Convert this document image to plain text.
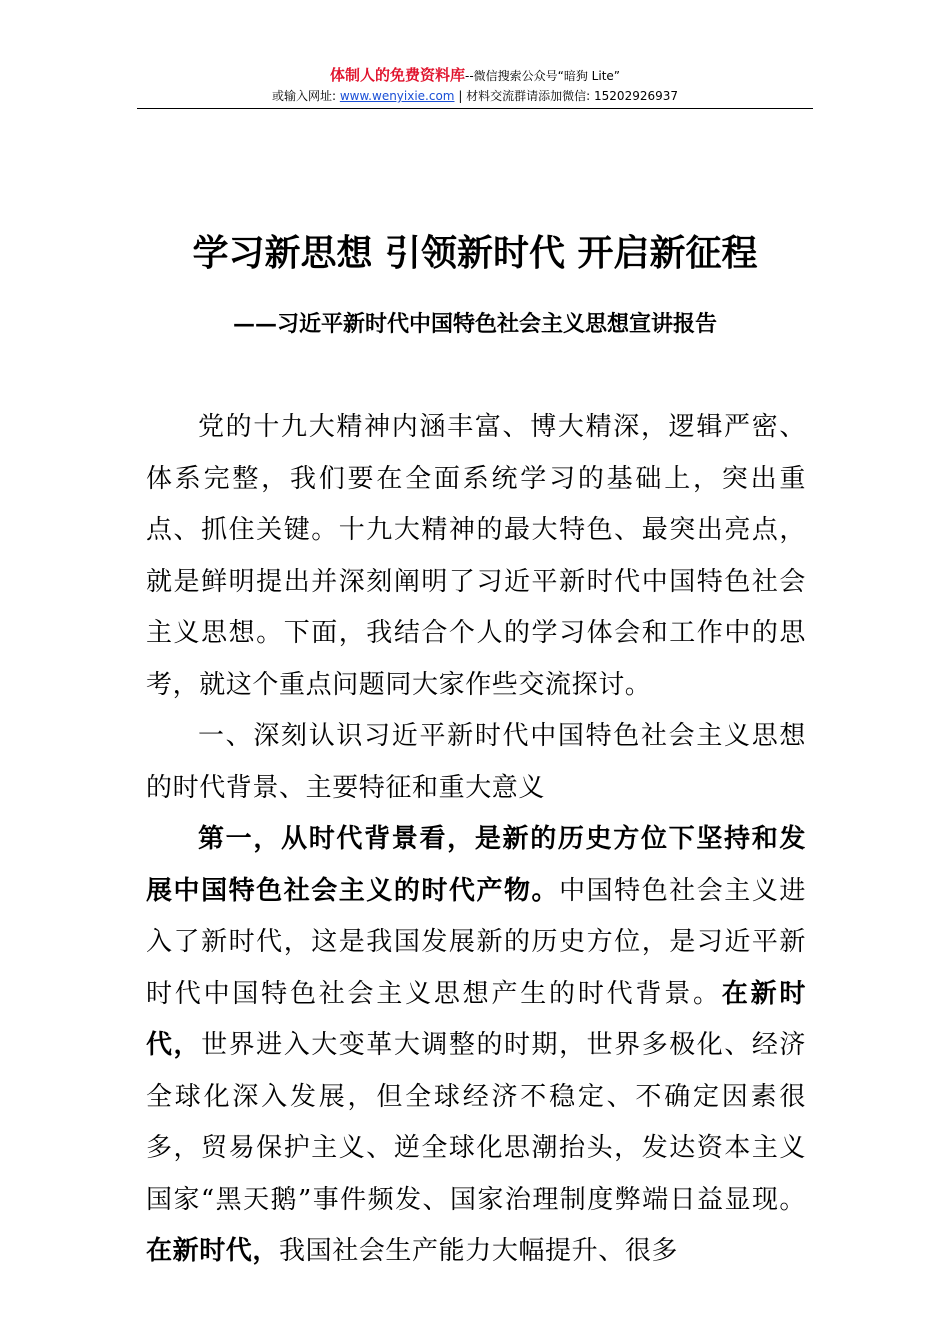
体制人的免费资料库--微信搜索公众号“暗狗 Lite”
或输入网址: www.wenyixie.com | 材料交流群请添加微信: 15202926937
学习新思想 引领新时代 开启新征程
——习近平新时代中国特色社会主义思想宣讲报告

党的十九大精神内涵丰富、博大精深，逻辑严密、体系完整，我们要在全面系统学习的基础上，突出重点、抓住关键。十九大精神的最大特色、最突出亮点，就是鲜明提出并深刻阐明了习近平新时代中国特色社会主义思想。下面，我结合个人的学习体会和工作中的思考，就这个重点问题同大家作些交流探讨。

一、深刻认识习近平新时代中国特色社会主义思想的时代背景、主要特征和重大意义

第一，从时代背景看，是新的历史方位下坚持和发展中国特色社会主义的时代产物。中国特色社会主义进入了新时代，这是我国发展新的历史方位，是习近平新时代中国特色社会主义思想产生的时代背景。在新时代，世界进入大变革大调整的时期，世界多极化、经济全球化深入发展，但全球经济不稳定、不确定因素很多，贸易保护主义、逆全球化思潮抬头，发达资本主义国家“黑天鹅”事件频发、国家治理制度弊端日益显现。在新时代，我国社会生产能力大幅提升、很多
